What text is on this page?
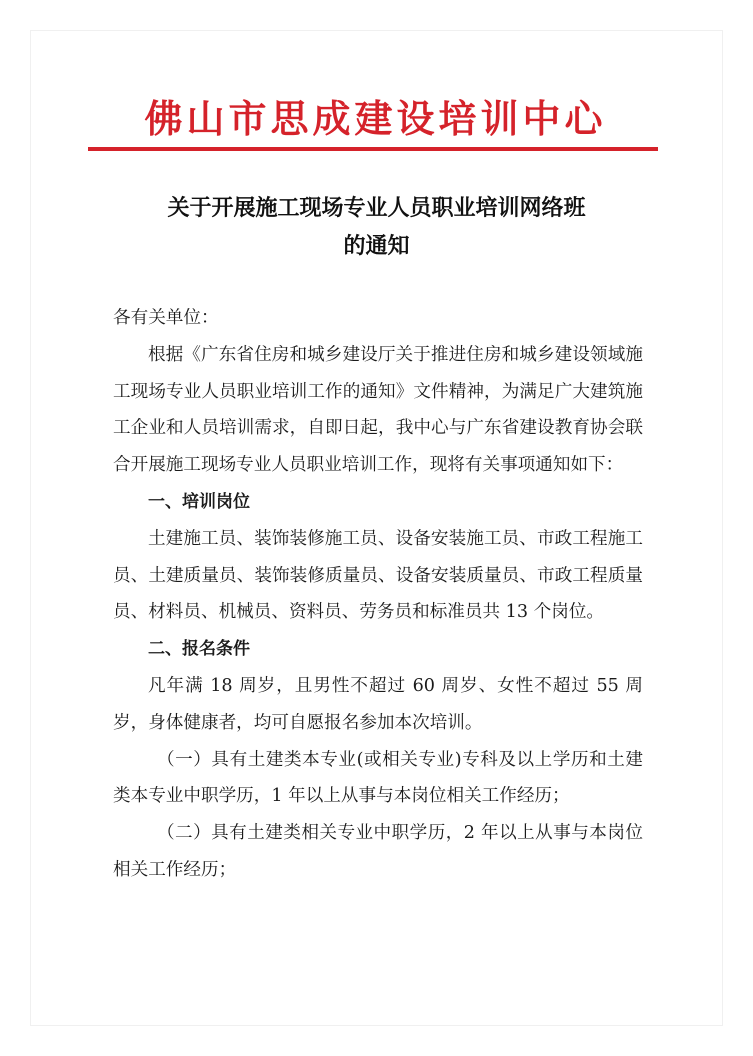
佛山市思成建设培训中心
关于开展施工现场专业人员职业培训网络班
的通知

各有关单位：

根据《广东省住房和城乡建设厅关于推进住房和城乡建设领域施工现场专业人员职业培训工作的通知》文件精神，为满足广大建筑施工企业和人员培训需求，自即日起，我中心与广东省建设教育协会联合开展施工现场专业人员职业培训工作，现将有关事项通知如下：

一、培训岗位

土建施工员、装饰装修施工员、设备安装施工员、市政工程施工员、土建质量员、装饰装修质量员、设备安装质量员、市政工程质量员、材料员、机械员、资料员、劳务员和标准员共 13 个岗位。

二、报名条件

凡年满 18 周岁，且男性不超过 60 周岁、女性不超过 55 周岁，身体健康者，均可自愿报名参加本次培训。

（一）具有土建类本专业(或相关专业)专科及以上学历和土建类本专业中职学历，1 年以上从事与本岗位相关工作经历；

（二）具有土建类相关专业中职学历，2 年以上从事与本岗位相关工作经历；
